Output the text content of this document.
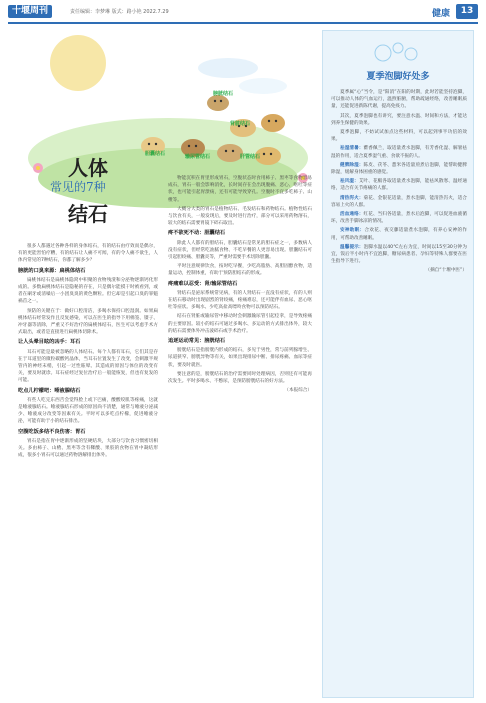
十堰周刊	责任编辑：李梦琳 版式：路小艳 2022.7.29	健康	13
膀胱结石
肾脏结石
胆囊结石	输尿管结石	肝管结石
人体
常见的7种
结石

很多人都遇过各种各样的身体结石，有的结石由疗效而是偶尔，有的更能害怕疗糟，有的结石让人痛不可闻，有的令人痛不欲生，人体内常见的7种结石，你都了解多少？

膀胱的口臭来源：扁桃体结石

扁桃体结石是扁桃体隐窝中积聚的食物残渣和分泌物逐渐钙化形成的。多数扁桃体结石是隐秘的存在，只是偶尔能摸干时被看到，或者在刷牙或清嗓后一小团臭臭的黄色颗粒。但它却是引起口臭的罪魁祸首之一。

预防的关键在于：做好口腔清洁，多喝水保持口腔湿润。如果扁桃体结石经常发作且反复感染，可以在医生的指导下用棉签、镊子、冲牙器等清除，严重又不好治疗的扁桃体结石，医生可以考虑手术方式取出，或者是直接进行扁桃体切除术。

让人头晕目眩的凶手：耳石

耳石可能是最被忽略的人体结石。每个人都有耳石，它们其是存在于耳道里的微粒碳酸钙晶体，当耳石位置发生了改变，会刺激半规管内的神经末梢，引起一过性眩晕。其造成的原因与体位的改变有关，要及时就诊。耳石症经过复位治疗后一般能恢复，但也有复发的可能。

吃点儿柠檬吧：唾液腺结石

有些人吃完东西舌会觉得脸上或下巴痛，酸酸咬肌等疼痛，这就是唾液腺结石。唾液腺结石形成的原因尚不清楚，通常与唾液分泌减少、唾液成分改变等因素有关。平时可以多吃点柠檬，促进唾液分泌，可能有助于小的结石排出。

空腹吃饭多结不良伤害：胃石

胃石是指在胃中逐渐形成的坚硬结块，大部分与饮食习惯密切相关。多由柿子、山楂、黑枣等含有鞣酸、果胶的食物在胃中凝结形成，很多小胃石可以通过药物溶解排出体外。

物能沉积在胃里形成胃石，空腹状态时食用柿子、黑枣等食物容易成石，胃石一般会影响消化，长时间存在会出现腹痛、恶心、呕吐等症状，也可能引起胃溃疡，还有可能导致穿孔。空腹时不宜多吃柿子、山楂等。

大概分大类的胃石是植物结石、毛发结石和药物结石。植物性结石与饮食有关，一般发现后，要及时进行治疗，部分可以采用药物溶石，较大的结石需要胃镜下碎石取出。

疼不欲死不动：胆囊结石

除此人人都有的胆结石，胆囊结石是常见的胆石症之一，多数病人没有症状，但经常吃油腻食物、不吃早餐的人更容易出现。胆囊结石可引起胆绞痛、胆囊炎等，严重时需要手术切除胆囊。

平时注意规律饮食，按时吃早餐，少吃高脂肪、高胆固醇食物，适量运动，控制体重，有助于预防胆结石的形成。

疼痛难以忍受：肾/输尿管结石

肾结石是泌尿系统常见病，有的人肾结石一直没有症状，有的人则在结石移动时出现剧烈的肾绞痛，疼痛难忍，还可能伴有血尿、恶心呕吐等症状。多喝水、少吃高盐高嘌呤食物可以预防结石。

结石在肾脏或输尿管中移动时会刺激输尿管引起痉挛，是导致疼痛的主要原因。较小的结石可通过多喝水、多运动的方式排出体外，较大的结石需要体外冲击波碎石或手术治疗。

追逐运动常见：膀胱结石

膀胱结石是指膀胱内形成的结石，多见于男性，常与前列腺增生、尿道狭窄、膀胱异物等有关，如果出现排尿中断、排尿疼痛、血尿等症状，要及时就医。

要注意的是，膀胱结石的治疗需要同时处理病因，否则还有可能再次发生。平时多喝水、不憋尿，是预防膀胱结石的好方法。

（本报综合）

夏季泡脚好处多

夏季属“心”当令，是“阳消”在阳的时期，此时若能坚持泡脚，可以推动人体的气血运行，温煦脏腑，帮助疏通经络，改善睡眠质量，还能促进新陈代谢，提高免疫力。

其次，夏季泡脚也有讲究，要注意水温、时间和方法，才能达到养生保健的效果。

夏季泡脚，不妨试试加点这些材料，可以起到事半功倍的效果。

祛湿清暑：藿香佩兰，取适量煮水泡脚，有芳香化湿、解暑祛湿的作用，适合夏季湿气重、食欲不振的人。

健脾除湿：陈皮、茯苓、薏米各适量煎煮后泡脚，能帮助健脾除湿，缓解身体困重的感觉。

祛风湿：艾叶、花椒各取适量煮水泡脚，能祛风散寒、温经通络，适合有关节疼痛的人群。

清热泻火：菊花、金银花适量，煮水泡脚，能清热泻火，适合容易上火的人群。

活血通络：红花、当归各适量，煮水后泡脚，可以促进血液循环，改善手脚冰凉的情况。

安神助眠：合欢花、夜交藤适量煮水泡脚，有养心安神的作用，可帮助改善睡眠。

温馨提示：泡脚水温以40℃左右为宜，时间以15至30分钟为宜，饭后半小时内不宜泡脚，糖尿病患者、孕妇等特殊人群要在医生指导下进行。

（摘自“十堰中医”）
